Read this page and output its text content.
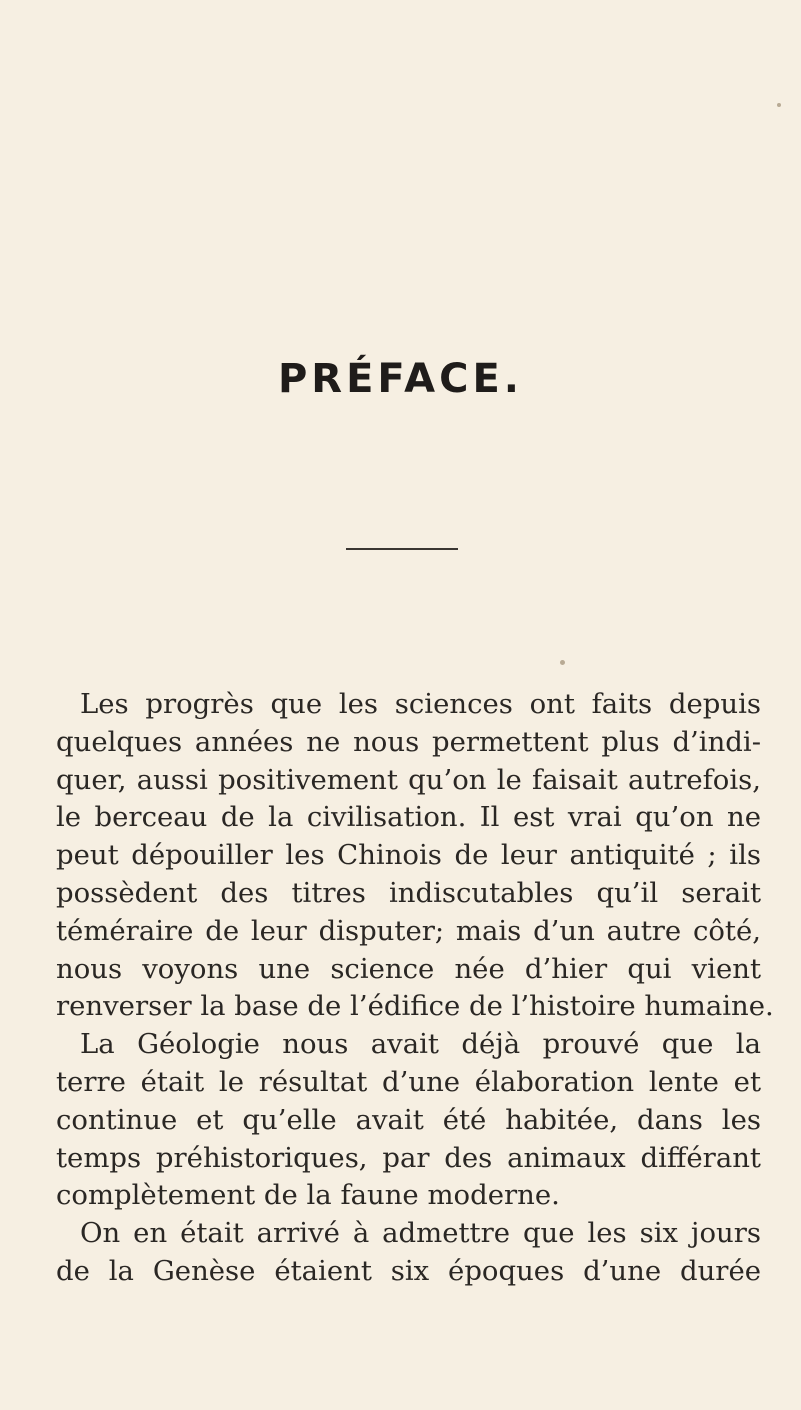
PRÉFACE.
Les progrès que les sciences ont faits depuis
quelques années ne nous permettent plus d’indi-
quer, aussi positivement qu’on le faisait autrefois,
le berceau de la civilisation. Il est vrai qu’on ne
peut dépouiller les Chinois de leur antiquité ; ils
possèdent des titres indiscutables qu’il serait
téméraire de leur disputer; mais d’un autre côté,
nous voyons une science née d’hier qui vient
renverser la base de l’édifice de l’histoire humaine.
La Géologie nous avait déjà prouvé que la
terre était le résultat d’une élaboration lente et
continue et qu’elle avait été habitée, dans les
temps préhistoriques, par des animaux différant
complètement de la faune moderne.
On en était arrivé à admettre que les six jours
de la Genèse étaient six époques d’une durée
